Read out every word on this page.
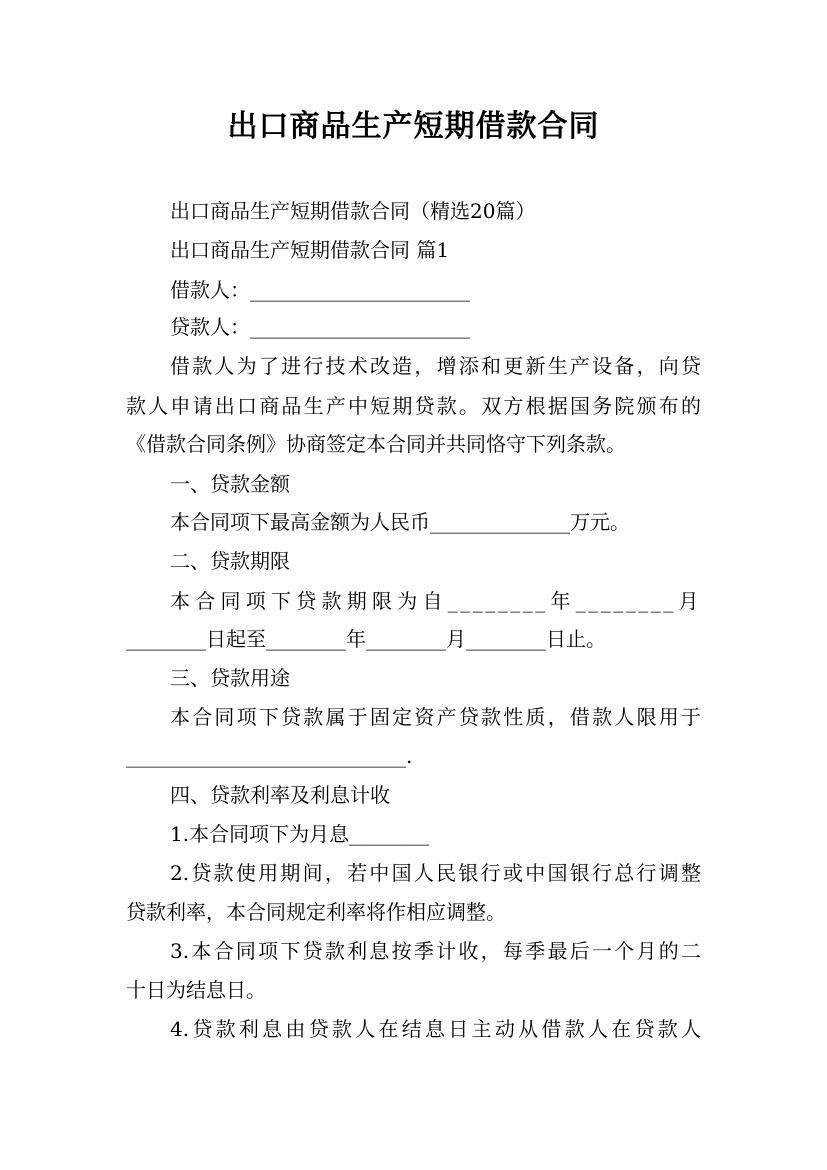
出口商品生产短期借款合同
出口商品生产短期借款合同（精选20篇）
出口商品生产短期借款合同 篇1
借款人：______________________
贷款人：______________________
借款人为了进行技术改造，增添和更新生产设备，向贷
款人申请出口商品生产中短期贷款。双方根据国务院颁布的
《借款合同条例》协商签定本合同并共同恪守下列条款。
一、贷款金额
本合同项下最高金额为人民币______________万元。
二、贷款期限
本合同项下贷款期限为自________年________月
________日起至________年________月________日止。
三、贷款用途
本合同项下贷款属于固定资产贷款性质，借款人限用于
____________________________.
四、贷款利率及利息计收
1.本合同项下为月息________
2.贷款使用期间，若中国人民银行或中国银行总行调整
贷款利率，本合同规定利率将作相应调整。
3.本合同项下贷款利息按季计收，每季最后一个月的二
十日为结息日。
4.贷款利息由贷款人在结息日主动从借款人在贷款人
